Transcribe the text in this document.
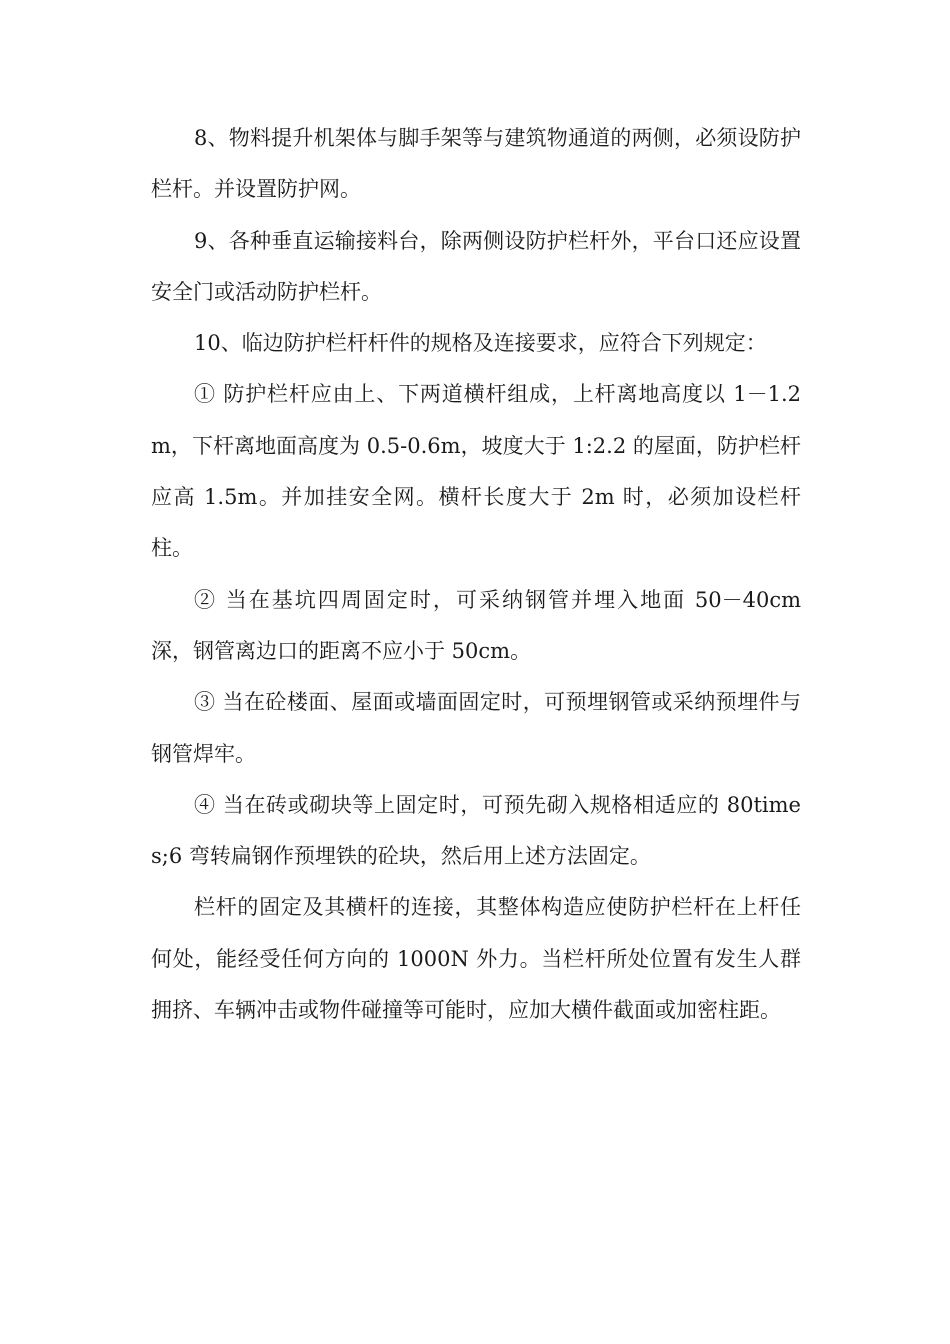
8、物料提升机架体与脚手架等与建筑物通道的两侧，必须设防护栏杆。并设置防护网。

9、各种垂直运输接料台，除两侧设防护栏杆外，平台口还应设置安全门或活动防护栏杆。

10、临边防护栏杆杆件的规格及连接要求，应符合下列规定：

① 防护栏杆应由上、下两道横杆组成，上杆离地高度以 1－1.2m，下杆离地面高度为 0.5-0.6m，坡度大于 1:2.2 的屋面，防护栏杆应高 1.5m。并加挂安全网。横杆长度大于 2m 时，必须加设栏杆柱。

② 当在基坑四周固定时，可采纳钢管并埋入地面 50－40cm 深，钢管离边口的距离不应小于 50cm。

③ 当在砼楼面、屋面或墙面固定时，可预埋钢管或采纳预埋件与钢管焊牢。

④ 当在砖或砌块等上固定时，可预先砌入规格相适应的 80times;6 弯转扁钢作预埋铁的砼块，然后用上述方法固定。

栏杆的固定及其横杆的连接，其整体构造应使防护栏杆在上杆任何处，能经受任何方向的 1000N 外力。当栏杆所处位置有发生人群拥挤、车辆冲击或物件碰撞等可能时，应加大横件截面或加密柱距。
